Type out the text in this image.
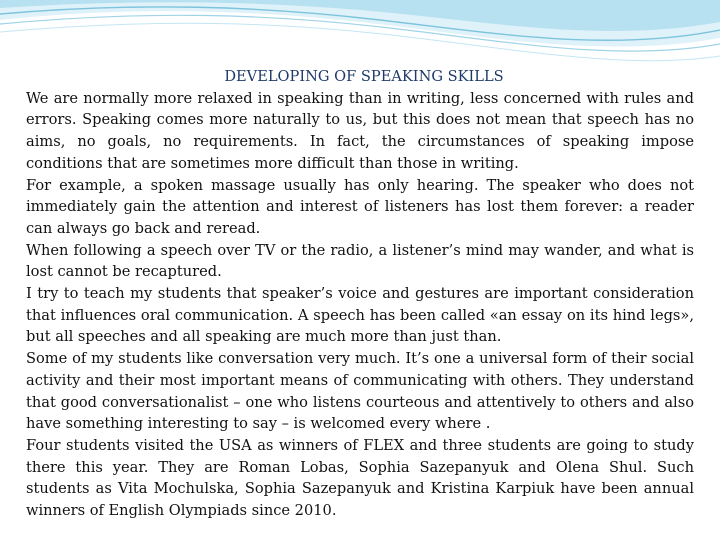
DEVELOPING OF SPEAKING SKILLS

We are normally more relaxed in speaking than in writing, less concerned with rules and errors. Speaking comes more naturally to us, but this does not mean that speech has no aims, no goals, no requirements. In fact, the circumstances of speaking impose conditions that are sometimes more difficult than those in writing.

For example, a spoken massage usually has only hearing. The speaker who does not immediately gain the attention and interest of listeners has lost them forever: a reader can always go back and reread.

When following a speech over TV or the radio, a listener’s mind may wander, and what is lost cannot be recaptured.

I try to teach my students that speaker’s voice and gestures are important consideration that influences oral communication. A speech has been called «an essay on its hind legs», but all speeches and all speaking are much more than just than.

Some of my students like conversation very much. It’s one a universal form of their social activity and their most important means of communicating with others. They understand that good conversationalist – one who listens courteous and attentively to others and also have something interesting to say – is welcomed every where .

Four students visited the USA as winners of FLEX and three students are going to study there this year. They are Roman Lobas, Sophia Sazepanyuk and Olena Shul. Such students as Vita Mochulska, Sophia Sazepanyuk and Kristina Karpiuk have been annual winners of English Olympiads since 2010.
